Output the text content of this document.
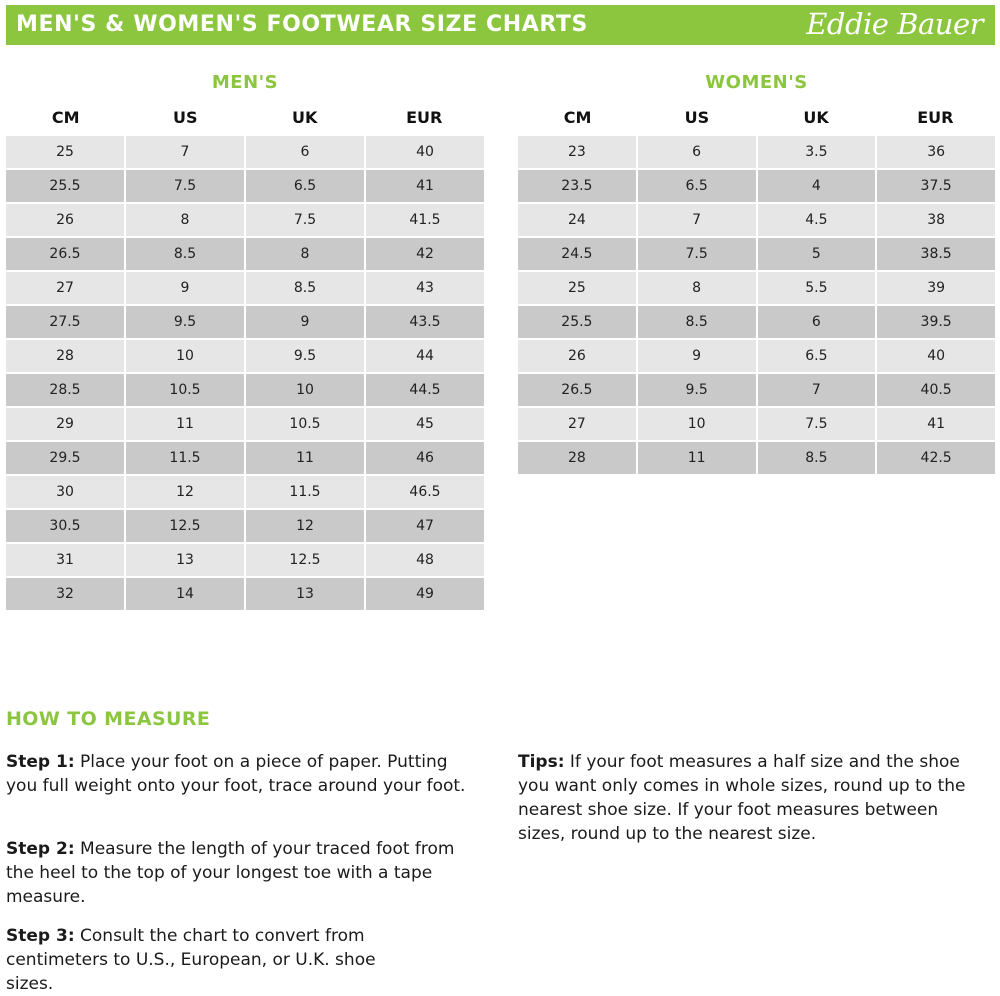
MEN'S & WOMEN'S FOOTWEAR SIZE CHARTS	Eddie Bauer
MEN'S
CM	US	UK	EUR
25	7	6	40
25.5	7.5	6.5	41
26	8	7.5	41.5
26.5	8.5	8	42
27	9	8.5	43
27.5	9.5	9	43.5
28	10	9.5	44
28.5	10.5	10	44.5
29	11	10.5	45
29.5	11.5	11	46
30	12	11.5	46.5
30.5	12.5	12	47
31	13	12.5	48
32	14	13	49
WOMEN'S
CM	US	UK	EUR
23	6	3.5	36
23.5	6.5	4	37.5
24	7	4.5	38
24.5	7.5	5	38.5
25	8	5.5	39
25.5	8.5	6	39.5
26	9	6.5	40
26.5	9.5	7	40.5
27	10	7.5	41
28	11	8.5	42.5
HOW TO MEASURE
Step 1: Place your foot on a piece of paper. Putting you full weight onto your foot, trace around your foot.
Step 2: Measure the length of your traced foot from the heel to the top of your longest toe with a tape measure.
Step 3: Consult the chart to convert from centimeters to U.S., European, or U.K. shoe sizes.
Tips: If your foot measures a half size and the shoe you want only comes in whole sizes, round up to the nearest shoe size. If your foot measures between sizes, round up to the nearest size.
